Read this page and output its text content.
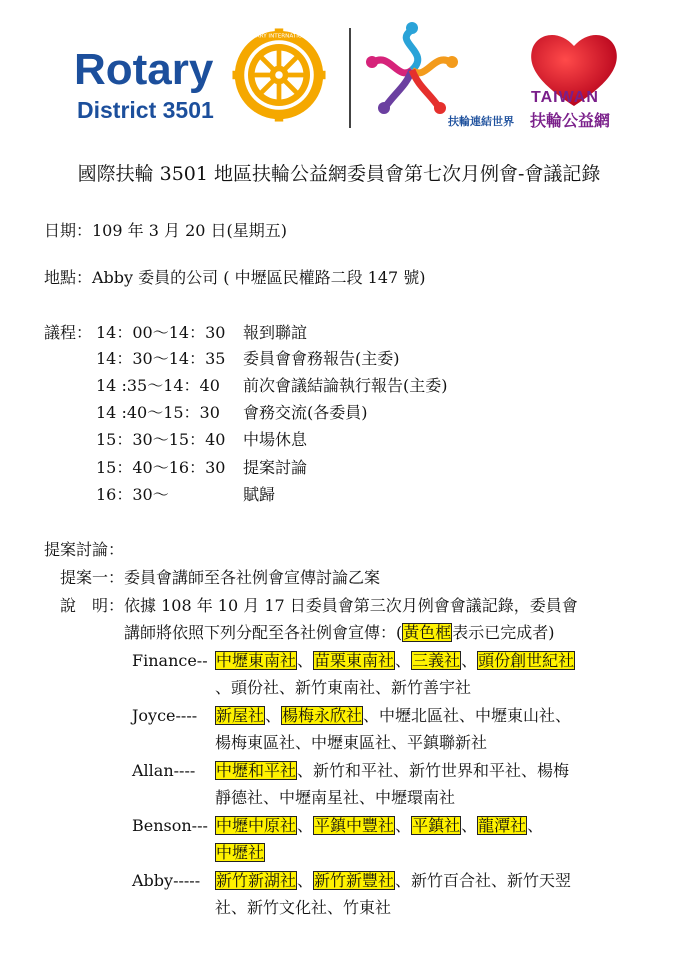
Rotary
District 3501
ROTARY INTERNATIONAL
扶輪連結世界
TAIWAN
扶輪公益網
國際扶輪 3501 地區扶輪公益網委員會第七次月例會-會議記錄
日期：109 年 3 月 20 日(星期五)
地點：Abby 委員的公司 ( 中壢區民權路二段 147 號)
議程： 14：00～14：30 報到聯誼
14：30～14：35 委員會會務報告(主委)
14 :35～14：40 前次會議結論執行報告(主委)
14 :40～15：30 會務交流(各委員)
15：30～15：40 中場休息
15：40～16：30 提案討論
16：30～	賦歸
提案討論：
提案一： 委員會講師至各社例會宣傳討論乙案
說　明： 依據 108 年 10 月 17 日委員會第三次月例會會議記錄，委員會
講師將依照下列分配至各社例會宣傳：(黃色框表示已完成者)
Finance-- 中壢東南社、苗栗東南社、三義社、頭份創世紀社
、頭份社、新竹東南社、新竹善宇社
Joyce---- 新屋社、楊梅永欣社、中壢北區社、中壢東山社、
楊梅東區社、中壢東區社、平鎮聯新社
Allan---- 中壢和平社、新竹和平社、新竹世界和平社、楊梅
靜德社、中壢南星社、中壢環南社
Benson--- 中壢中原社、平鎮中豐社、平鎮社、龍潭社、
中壢社
Abby----- 新竹新湖社、新竹新豐社、新竹百合社、新竹天翌
社、新竹文化社、竹東社
